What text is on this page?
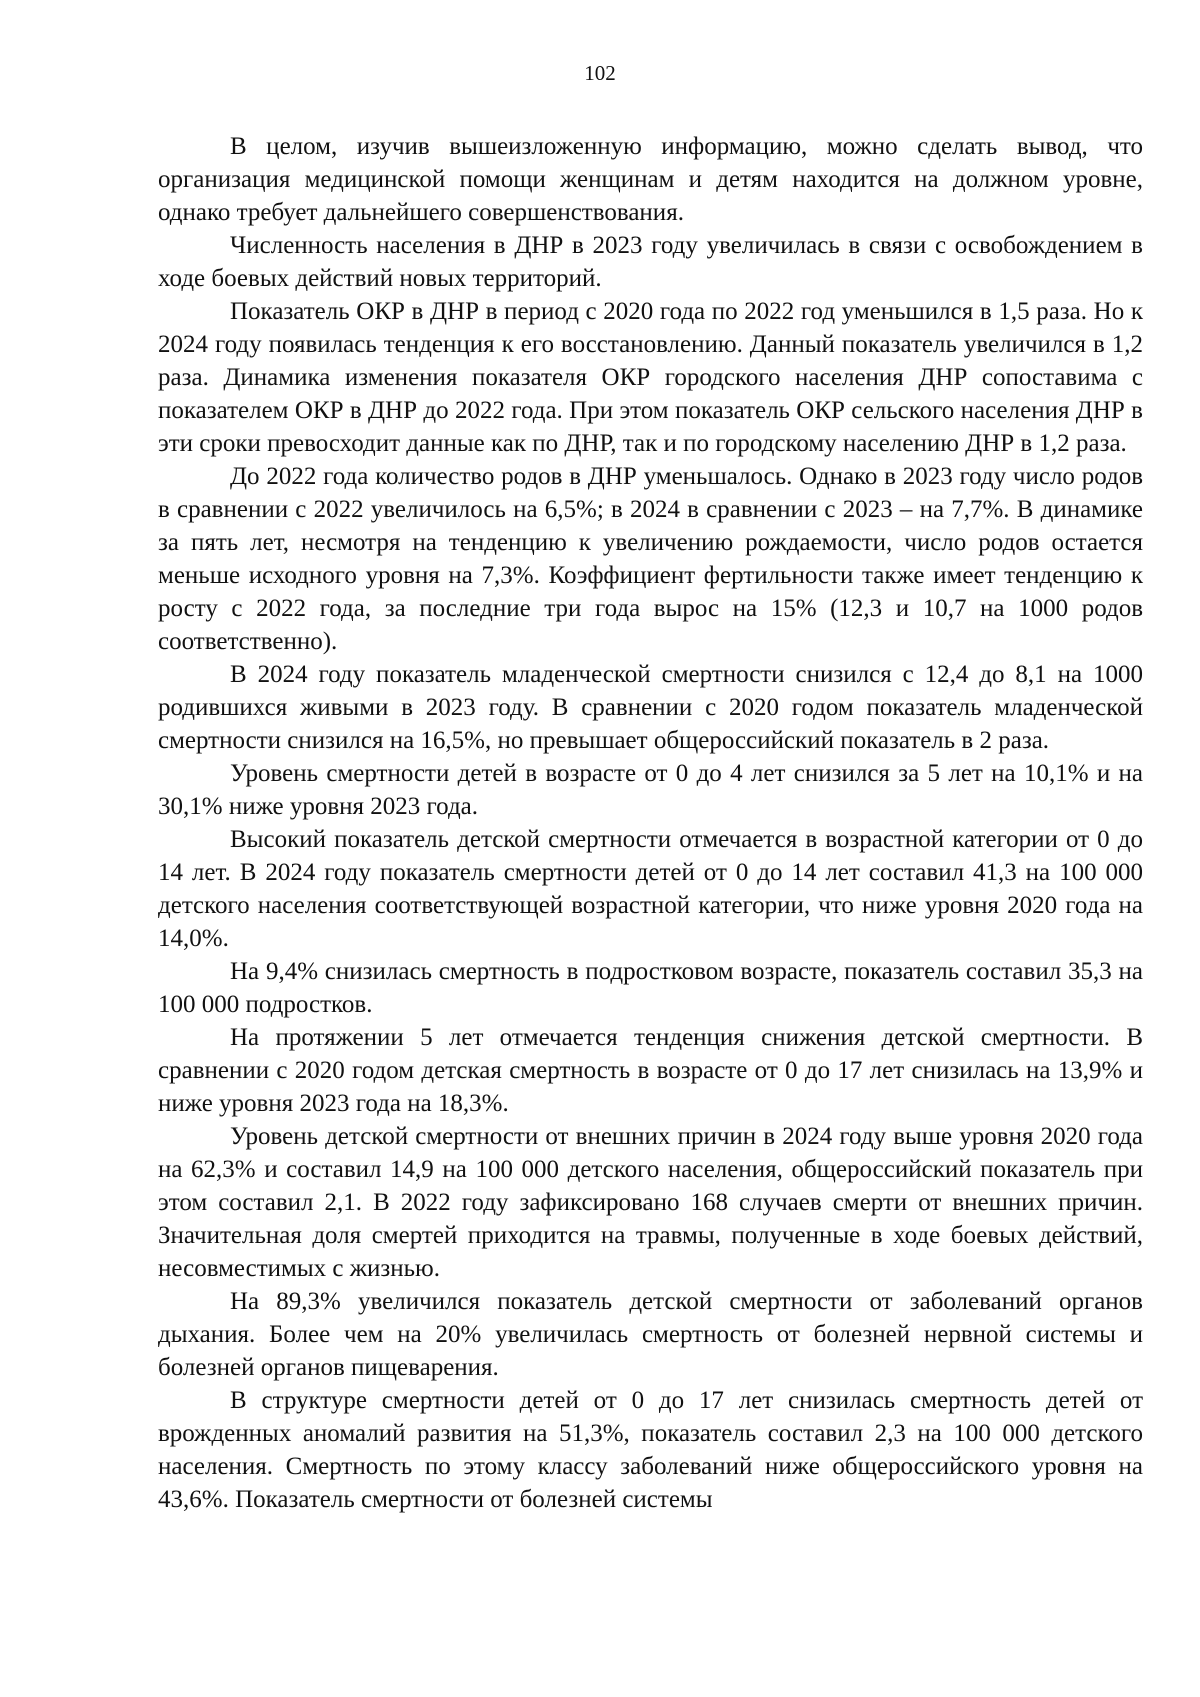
102

В целом, изучив вышеизложенную информацию, можно сделать вывод, что организация медицинской помощи женщинам и детям находится на должном уровне, однако требует дальнейшего совершенствования.

Численность населения в ДНР в 2023 году увеличилась в связи с освобождением в ходе боевых действий новых территорий.

Показатель ОКР в ДНР в период с 2020 года по 2022 год уменьшился в 1,5 раза. Но к 2024 году появилась тенденция к его восстановлению. Данный показатель увеличился в 1,2 раза. Динамика изменения показателя ОКР городского населения ДНР сопоставима с показателем ОКР в ДНР до 2022 года. При этом показатель ОКР сельского населения ДНР в эти сроки превосходит данные как по ДНР, так и по городскому населению ДНР в 1,2 раза.

До 2022 года количество родов в ДНР уменьшалось. Однако в 2023 году число родов в сравнении с 2022 увеличилось на 6,5%; в 2024 в сравнении с 2023 – на 7,7%. В динамике за пять лет, несмотря на тенденцию к увеличению рождаемости, число родов остается меньше исходного уровня на 7,3%. Коэффициент фертильности также имеет тенденцию к росту с 2022 года, за последние три года вырос на 15% (12,3 и 10,7 на 1000 родов соответственно).

В 2024 году показатель младенческой смертности снизился с 12,4 до 8,1 на 1000 родившихся живыми в 2023 году. В сравнении с 2020 годом показатель младенческой смертности снизился на 16,5%, но превышает общероссийский показатель в 2 раза.

Уровень смертности детей в возрасте от 0 до 4 лет снизился за 5 лет на 10,1% и на 30,1% ниже уровня 2023 года.

Высокий показатель детской смертности отмечается в возрастной категории от 0 до 14 лет. В 2024 году показатель смертности детей от 0 до 14 лет составил 41,3 на 100 000 детского населения соответствующей возрастной категории, что ниже уровня 2020 года на 14,0%.

На 9,4% снизилась смертность в подростковом возрасте, показатель составил 35,3 на 100 000 подростков.

На протяжении 5 лет отмечается тенденция снижения детской смертности. В сравнении с 2020 годом детская смертность в возрасте от 0 до 17 лет снизилась на 13,9% и ниже уровня 2023 года на 18,3%.

Уровень детской смертности от внешних причин в 2024 году выше уровня 2020 года на 62,3% и составил 14,9 на 100 000 детского населения, общероссийский показатель при этом составил 2,1. В 2022 году зафиксировано 168 случаев смерти от внешних причин. Значительная доля смертей приходится на травмы, полученные в ходе боевых действий, несовместимых с жизнью.

На 89,3% увеличился показатель детской смертности от заболеваний органов дыхания. Более чем на 20% увеличилась смертность от болезней нервной системы и болезней органов пищеварения.

В структуре смертности детей от 0 до 17 лет снизилась смертность детей от врожденных аномалий развития на 51,3%, показатель составил 2,3 на 100 000 детского населения. Смертность по этому классу заболеваний ниже общероссийского уровня на 43,6%. Показатель смертности от болезней системы
